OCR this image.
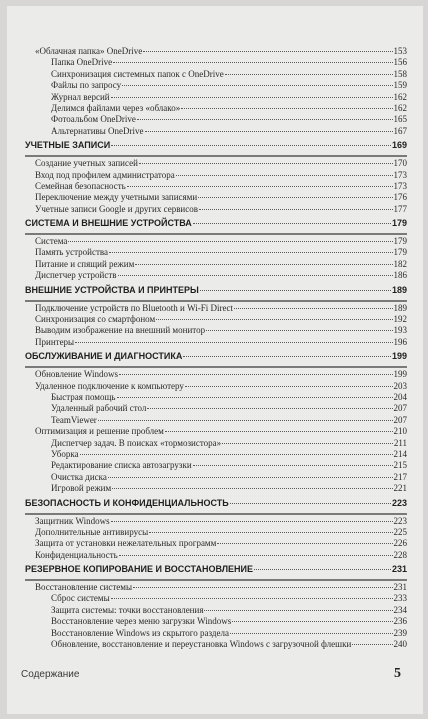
«Облачная папка» OneDrive	153
Папка OneDrive	156
Синхронизация системных папок с OneDrive	158
Файлы по запросу	159
Журнал версий	162
Делимся файлами через «облако»	162
Фотоальбом OneDrive	165
Альтернативы OneDrive	167
УЧЕТНЫЕ ЗАПИСИ	169
Создание учетных записей	170
Вход под профилем администратора	173
Семейная безопасность	173
Переключение между учетными записями	176
Учетные записи Google и других сервисов	177
СИСТЕМА И ВНЕШНИЕ УСТРОЙСТВА	179
Система	179
Память устройства	179
Питание и спящий режим	182
Диспетчер устройств	186
ВНЕШНИЕ УСТРОЙСТВА И ПРИНТЕРЫ	189
Подключение устройств по Bluetooth и Wi-Fi Direct	189
Синхронизация со смартфоном	192
Выводим изображение на внешний монитор	193
Принтеры	196
ОБСЛУЖИВАНИЕ И ДИАГНОСТИКА	199
Обновление Windows	199
Удаленное подключение к компьютеру	203
Быстрая помощь	204
Удаленный рабочий стол	207
TeamViewer	207
Оптимизация и решение проблем	210
Диспетчер задач. В поисках «тормозистора»	211
Уборка	214
Редактирование списка автозагрузки	215
Очистка диска	217
Игровой режим	221
БЕЗОПАСНОСТЬ И КОНФИДЕНЦИАЛЬНОСТЬ	223
Защитник Windows	223
Дополнительные антивирусы	225
Защита от установки нежелательных программ	226
Конфиденциальность	228
РЕЗЕРВНОЕ КОПИРОВАНИЕ И ВОССТАНОВЛЕНИЕ	231
Восстановление системы	231
Сброс системы	233
Защита системы: точки восстановления	234
Восстановление через меню загрузки Windows	236
Восстановление Windows из скрытого раздела	239
Обновление, восстановление и переустановка Windows с загрузочной флешки	240
Содержание	5
